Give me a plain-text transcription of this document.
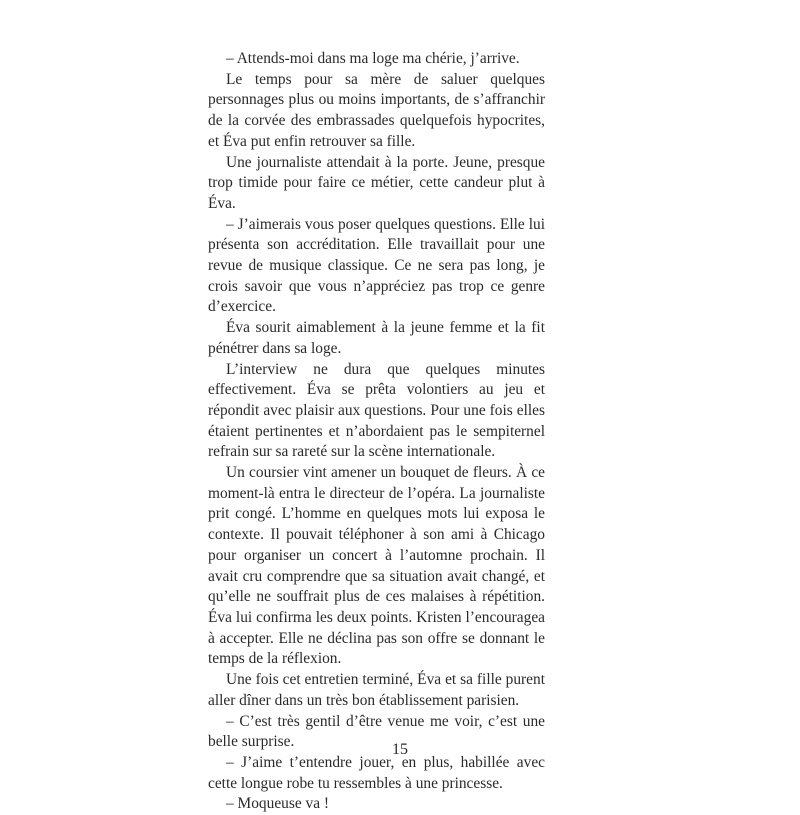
– Attends-moi dans ma loge ma chérie, j’arrive.

Le temps pour sa mère de saluer quelques personnages plus ou moins importants, de s’affranchir de la corvée des embrassades quelquefois hypocrites, et Éva put enfin retrouver sa fille.

Une journaliste attendait à la porte. Jeune, presque trop timide pour faire ce métier, cette candeur plut à Éva.

– J’aimerais vous poser quelques questions. Elle lui présenta son accréditation. Elle travaillait pour une revue de musique classique. Ce ne sera pas long, je crois savoir que vous n’appréciez pas trop ce genre d’exercice.

Éva sourit aimablement à la jeune femme et la fit pénétrer dans sa loge.

L’interview ne dura que quelques minutes effectivement. Éva se prêta volontiers au jeu et répondit avec plaisir aux questions. Pour une fois elles étaient pertinentes et n’abordaient pas le sempiternel refrain sur sa rareté sur la scène internationale.

Un coursier vint amener un bouquet de fleurs. À ce moment-là entra le directeur de l’opéra. La journaliste prit congé. L’homme en quelques mots lui exposa le contexte. Il pouvait téléphoner à son ami à Chicago pour organiser un concert à l’automne prochain. Il avait cru comprendre que sa situation avait changé, et qu’elle ne souffrait plus de ces malaises à répétition. Éva lui confirma les deux points. Kristen l’encouragea à accepter. Elle ne déclina pas son offre se donnant le temps de la réflexion.

Une fois cet entretien terminé, Éva et sa fille purent aller dîner dans un très bon établissement parisien.

– C’est très gentil d’être venue me voir, c’est une belle surprise.

– J’aime t’entendre jouer, en plus, habillée avec cette longue robe tu ressembles à une princesse.

– Moqueuse va !

15
